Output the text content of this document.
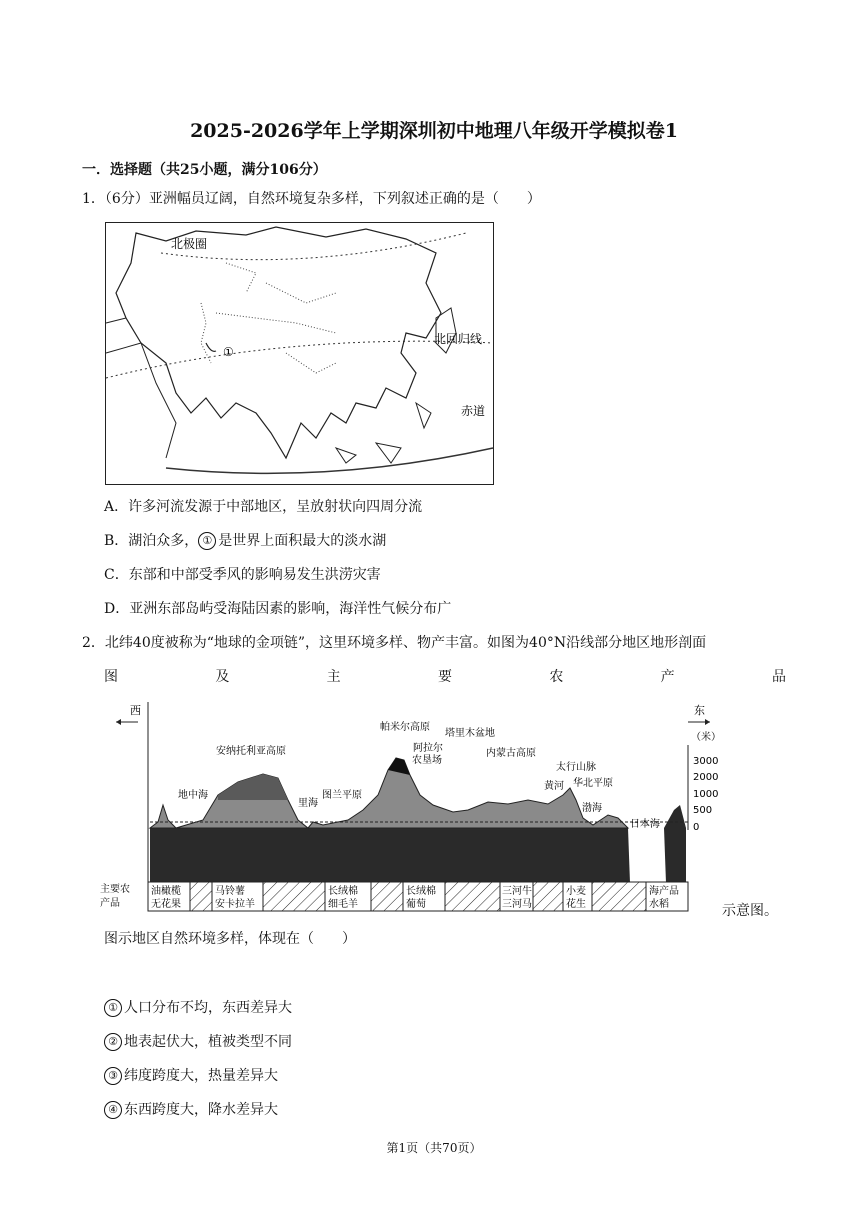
2025-2026学年上学期深圳初中地理八年级开学模拟卷1
一．选择题（共25小题，满分106分）
1．（6分）亚洲幅员辽阔，自然环境复杂多样，下列叙述正确的是（　　）
北极圈
北回归线
赤道
①
A．许多河流发源于中部地区，呈放射状向四周分流
B．湖泊众多， ① 是世界上面积最大的淡水湖
C．东部和中部受季风的影响易发生洪涝灾害
D．亚洲东部岛屿受海陆因素的影响，海洋性气候分布广
2．北纬40度被称为“地球的金项链”，这里环境多样、物产丰富。如图为40°N沿线部分地区地形剖面
图	及	主	要	农	产	品
西	东
（米）
3000
2000
1000
500
0
帕米尔高原
塔里木盆地
阿拉尔
农垦场
安纳托利亚高原	内蒙古高原
太行山脉
黄河 华北平原
地中海
里海
图兰平原
渤海
日本海
主要农
产品
油橄榄
无花果
马铃薯
安卡拉羊
长绒棉
细毛羊
长绒棉
葡萄
三河牛
三河马
小麦
花生
海产品
水稻	示意图。
图示地区自然环境多样，体现在（　　）
① 人口分布不均，东西差异大
② 地表起伏大，植被类型不同
③ 纬度跨度大，热量差异大
④ 东西跨度大，降水差异大
第1页（共70页）
